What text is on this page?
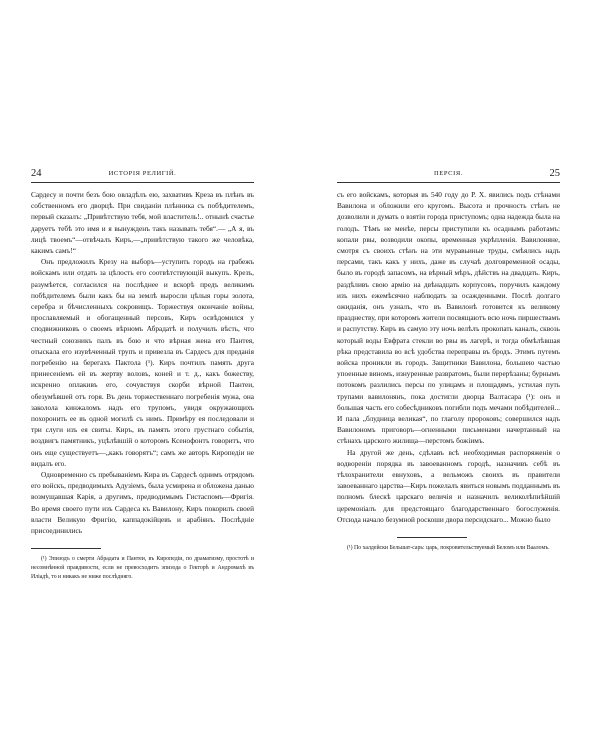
24	ИСТОРІЯ РЕЛИГІЙ.

Сардесу и почти безъ бою овладѣлъ ею, захвативъ Креза въ плѣнъ въ собственномъ его дворцѣ. При свиданіи плѣнника съ побѣдителемъ, первый сказалъ: „Привѣтствую тебя, мой властитель!.. отнынѣ счастье даруетъ тебѣ это имя и я вынужденъ такъ называть тебя“.— „А я, въ лицѣ твоемъ“—отвѣчалъ Киръ,—„привѣтствую такого же человѣка, какимъ самъ!“

Онъ предложилъ Крезу на выборъ—уступить городъ на грабежъ войскамъ или отдать за цѣлость его соотвѣтствующій выкупъ. Крезъ, разумѣется, согласился на послѣднее и вскорѣ предъ великимъ побѣдителемъ были какъ бы на землѣ выросли цѣлыя горы золота, серебра и бѣчисленныхъ сокровищъ. Торжествуя окончаніе войны, прославляемый и обогащенный персовъ, Киръ освѣдомился у сподвижниковъ о своемъ вѣрномъ Абрадатѣ и получилъ вѣсть, что честный союзникъ палъ въ бою и что вѣрная жена его Пантея, отыскала его изувѣченный трупъ и привезла въ Сардесъ для преданія погребенію на берегахъ Пактола (¹). Киръ почтилъ память друга принесеніемъ ей въ жертву воловъ, коней и т. д., какъ божеству, искренно оплакивъ его, сочувствуя скорби вѣрной Пантеи, обезумѣвшей отъ горя. Въ день торжественнаго погребенія мужа, она заколола кинжаломъ надъ его трупомъ, увидя окружающихъ похоронить ее въ одной могилѣ съ нимъ. Примѣру ея последовали и три слуги изъ ея свиты. Киръ, въ память этого грустнаго событія, воздвигъ памятникъ, уцѣлѣвшій о которомъ Ксенофонтъ говоритъ, что онъ еще существуетъ—„какъ говорятъ“; самъ же авторъ Киропедіи не видалъ его.

Одновременно съ пребываніемъ Кира въ Сардесѣ однимъ отрядомъ его войскъ, предводимыхъ Адузіемъ, была усмирена и обложена данью возмущавшая Карія, а другимъ, предводимымъ Гистаспомъ—Фригія. Во время своего пути изъ Сардеса къ Вавилону, Киръ покорилъ своей власти Великую Фригію, каппадокійцевъ и арабіянъ. Послѣдніе присоединились

(¹) Эпизодъ о смерти Абрадата и Пантеи, въ Киропедіи, по драматизму, простотѣ и несомнѣнной правдивости, если не превосходитъ эпизода о Гекторѣ и Андромахѣ въ Иліадѣ, то и никакъ не ниже послѣдняго.

ПЕРСІЯ.	25

съ его войскамъ, которыя въ 540 году до Р. Х. явились подъ стѣнами Вавилона и обложили его кругомъ. Высота и прочность стѣнъ не дозволили и думать о взятіи города приступомъ; одна надежда была на голодъ. Тѣмъ не менѣе, персы приступили къ осаднымъ работамъ: копали рвы, возводили окопы, временныя укрѣпленія. Вавилоняне, смотря съ своихъ стѣнъ на эти муравьиные труды, смѣялись надъ персами, такъ какъ у нихъ, даже въ случаѣ долговременной осады, было въ городѣ запасомъ, на вѣрный мѣръ, дѣйствъ на двадцать. Киръ, раздѣливъ свою армію на двѣнадцать корпусовъ, поручилъ каждому изъ нихъ ежемѣсячно наблюдать за осажденными. Послѣ долгаго ожиданія, онъ узналъ, что въ Вавилонѣ готовится къ великому празднеству, при которомъ жители посвящаютъ всю ночь пиршествамъ и распутству. Киръ въ самую эту ночь велѣлъ прокопать каналъ, сквозь который воды Евфрата стекли во рвы въ лагерѣ, и тогда обмѣлѣвшая рѣка представила во всѣ удобства переправы въ бродъ. Этимъ путемъ войска проникли въ городъ. Защитники Вавилона, большею частью упоенные виномъ, изнуренные развратомъ, были перерѣзаны; бурнымъ потокомъ разлились персы по улицамъ и площадямъ, устилая путь трупами вавилонянъ, пока достигли дворца Валтасара (¹): онъ и большая часть его собесѣдниковъ погибли подъ мечами побѣдителей... И пала „блудница великая“, по глаголу пророковъ; совершился надъ Вавилономъ приговоръ—огненными письменами начертанный на стѣнахъ царского жилища—перстомъ божіимъ.

На другой же день, сдѣлавъ всѣ необходимыя распоряженія о водвореніи порядка въ завоеванномъ городѣ, назначивъ себѣ въ тѣлохранители евнуховъ, а вельможъ своихъ въ правители завоеваннаго царства—Киръ пожелалъ явиться новымъ подданнымъ въ полномъ блескѣ царскаго величія и назначилъ великолѣпнѣйшій церемоніалъ для предстоящаго благодарственнаго богослуженія. Отсюда начало безумной роскоши двора персидскаго... Можно было

(¹) По халдейски Бельшат-сарь: царь, покровительствуемый Беломъ или Вааломъ.
